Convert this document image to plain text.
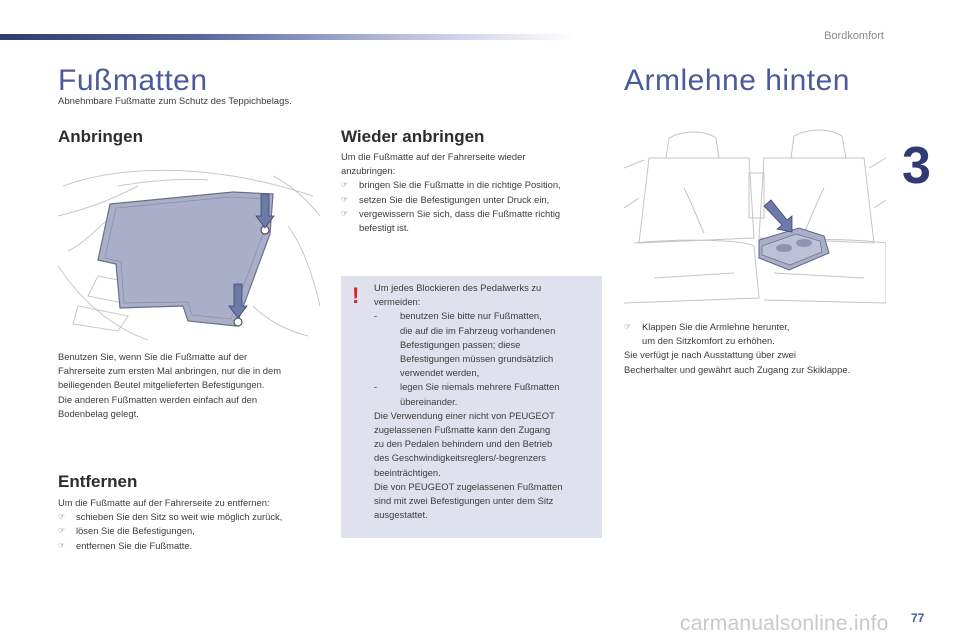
Bordkomfort
3
Fußmatten
Abnehmbare Fußmatte zum Schutz des Teppichbelags.
Anbringen
Benutzen Sie, wenn Sie die Fußmatte auf der
Fahrerseite zum ersten Mal anbringen, nur die in dem
beiliegenden Beutel mitgelieferten Befestigungen.
Die anderen Fußmatten werden einfach auf den
Bodenbelag gelegt.
Entfernen
Um die Fußmatte auf der Fahrerseite zu entfernen:
☞	schieben Sie den Sitz so weit wie möglich zurück,
☞	lösen Sie die Befestigungen,
☞	entfernen Sie die Fußmatte.
Wieder anbringen
Um die Fußmatte auf der Fahrerseite wieder
anzubringen:
☞	bringen Sie die Fußmatte in die richtige Position,
☞	setzen Sie die Befestigungen unter Druck ein,
☞	vergewissern Sie sich, dass die Fußmatte richtig
befestigt ist.
! Um jedes Blockieren des Pedalwerks zu
vermeiden:
-	benutzen Sie bitte nur Fußmatten,
die auf die im Fahrzeug vorhandenen
Befestigungen passen; diese
Befestigungen müssen grundsätzlich
verwendet werden,
-	legen Sie niemals mehrere Fußmatten
übereinander.
Die Verwendung einer nicht von PEUGEOT
zugelassenen Fußmatte kann den Zugang
zu den Pedalen behindern und den Betrieb
des Geschwindigkeitsreglers/-begrenzers
beeinträchtigen.
Die von PEUGEOT zugelassenen Fußmatten
sind mit zwei Befestigungen unter dem Sitz
ausgestattet.
Armlehne hinten
☞	Klappen Sie die Armlehne herunter,
um den Sitzkomfort zu erhöhen.
Sie verfügt je nach Ausstattung über zwei
Becherhalter und gewährt auch Zugang zur Skiklappe.
carmanualsonline.info 77
